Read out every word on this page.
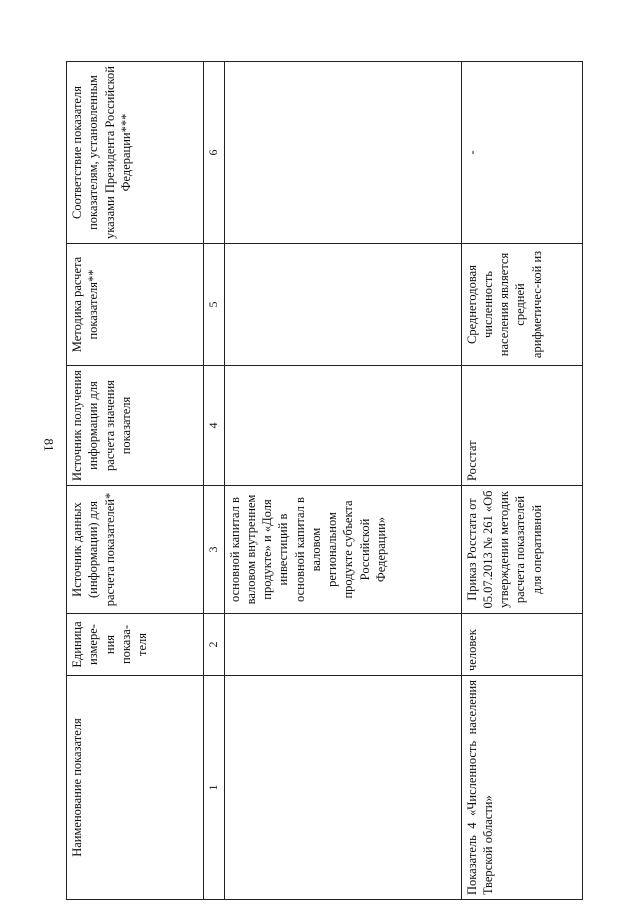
81
Наименование показателя	Единица измере-ния показа-теля	Источник данных (информации) для расчета показателей*	Источник получения информации для расчета значения показателя	Методика расчета показателя**	Соответствие показателя показателям, установленным указами Президента Российской Федерации***
1	2	3	4	5	6
		основной капитал в валовом внутреннем продукте» и «Доля инвестиций в основной капитал в валовом региональном продукте субъекта Российской Федерации»			
Показатель 4 «Численность населения Тверской области»	человек	Приказ Росстата от 05.07.2013 № 261 «Об утверждении методик расчета показателей для оперативной	Росстат	Среднегодовая численность населения является средней арифметичес-кой из	-
